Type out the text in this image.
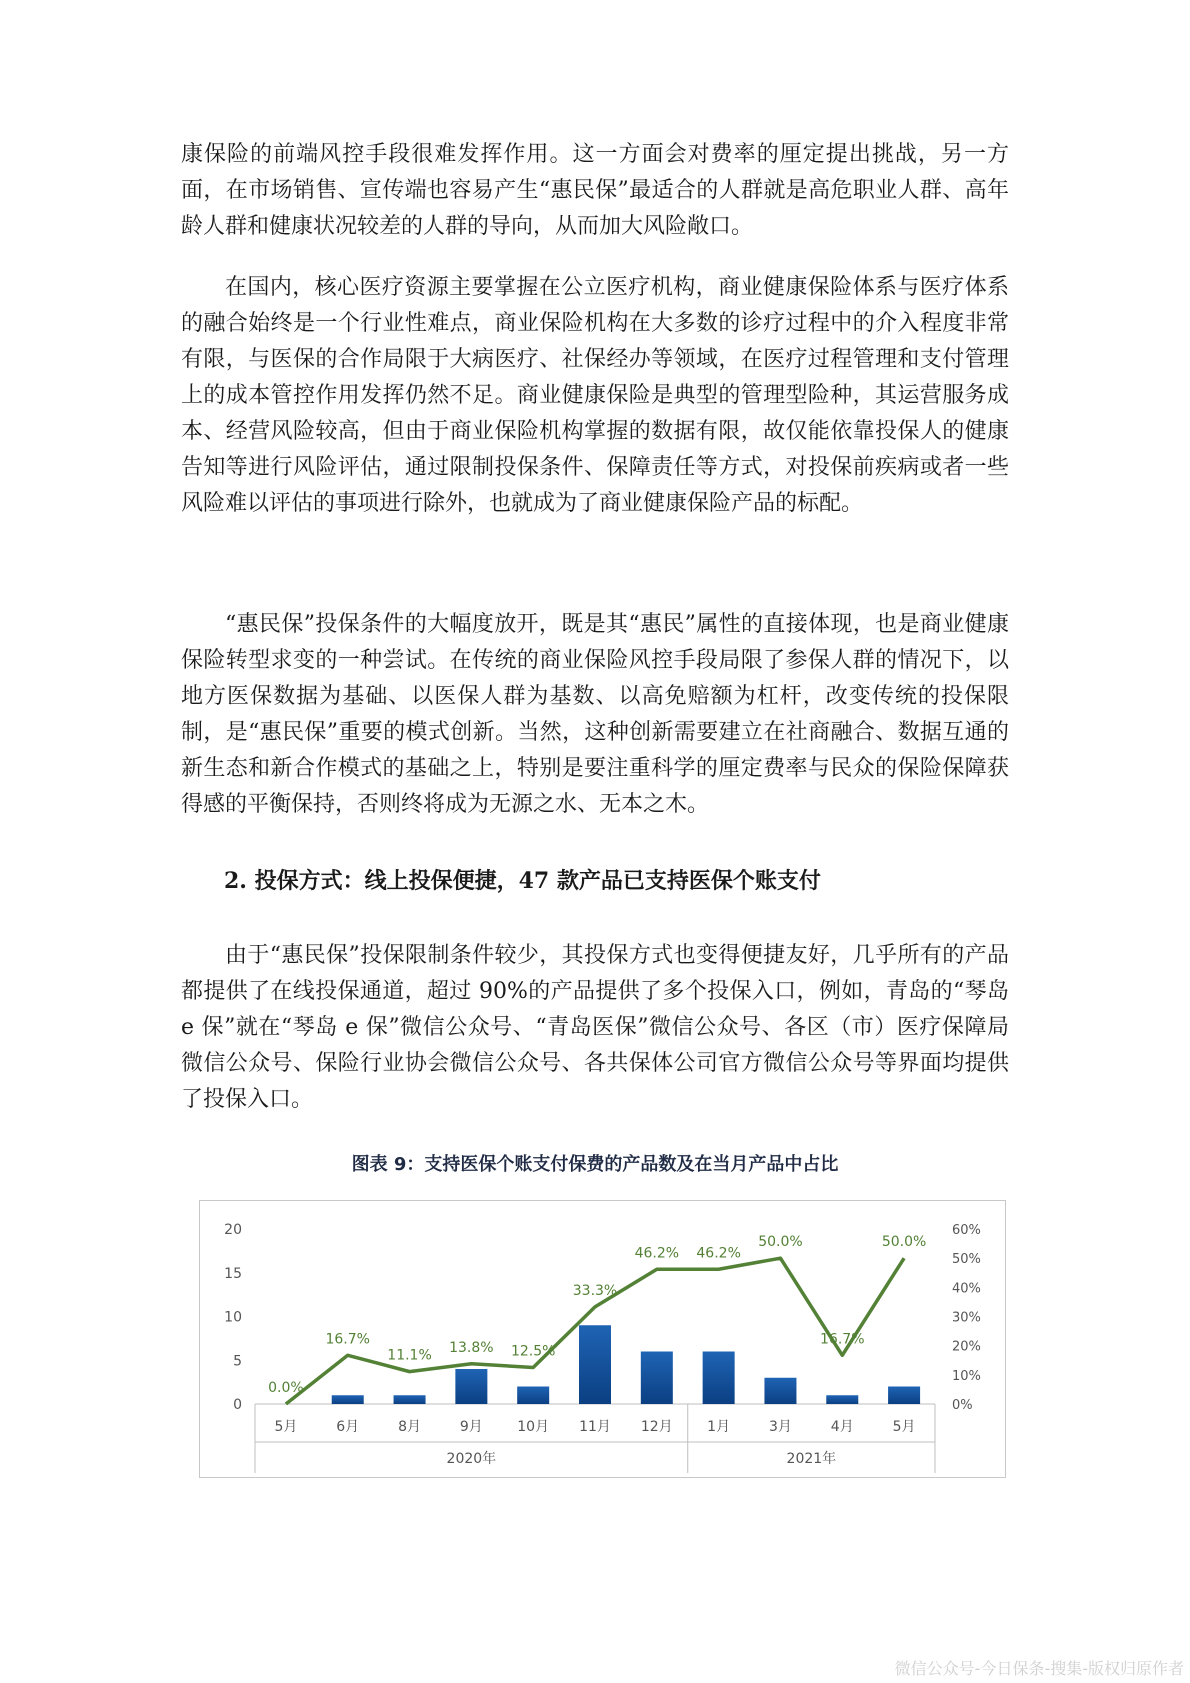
康保险的前端风控手段很难发挥作用。这一方面会对费率的厘定提出挑战，另一方面，在市场销售、宣传端也容易产生“惠民保”最适合的人群就是高危职业人群、高年龄人群和健康状况较差的人群的导向，从而加大风险敞口。

在国内，核心医疗资源主要掌握在公立医疗机构，商业健康保险体系与医疗体系的融合始终是一个行业性难点，商业保险机构在大多数的诊疗过程中的介入程度非常有限，与医保的合作局限于大病医疗、社保经办等领域，在医疗过程管理和支付管理上的成本管控作用发挥仍然不足。商业健康保险是典型的管理型险种，其运营服务成本、经营风险较高，但由于商业保险机构掌握的数据有限，故仅能依靠投保人的健康告知等进行风险评估，通过限制投保条件、保障责任等方式，对投保前疾病或者一些风险难以评估的事项进行除外，也就成为了商业健康保险产品的标配。

“惠民保”投保条件的大幅度放开，既是其“惠民”属性的直接体现，也是商业健康保险转型求变的一种尝试。在传统的商业保险风控手段局限了参保人群的情况下，以地方医保数据为基础、以医保人群为基数、以高免赔额为杠杆，改变传统的投保限制，是“惠民保”重要的模式创新。当然，这种创新需要建立在社商融合、数据互通的新生态和新合作模式的基础之上，特别是要注重科学的厘定费率与民众的保险保障获得感的平衡保持，否则终将成为无源之水、无本之木。

2. 投保方式：线上投保便捷，47 款产品已支持医保个账支付

由于“惠民保”投保限制条件较少，其投保方式也变得便捷友好，几乎所有的产品都提供了在线投保通道，超过 90%的产品提供了多个投保入口，例如，青岛的“琴岛 e 保”就在“琴岛 e 保”微信公众号、“青岛医保”微信公众号、各区（市）医疗保障局微信公众号、保险行业协会微信公众号、各共保体公司官方微信公众号等界面均提供了投保入口。

图表 9：支持医保个账支付保费的产品数及在当月产品中占比
0
5
10
15
20
0%
10%
20%
30%
40%
50%
60%
0.0%
16.7%
11.1% 13.8% 12.5%
33.3%
46.2% 46.2%
50.0%
16.7%
50.0%
5月	6月	8月	9月 10月 11月 12月 1月	3月	4月	5月
2020年	2021年
微信公众号-今日保条-搜集-版权归原作者
